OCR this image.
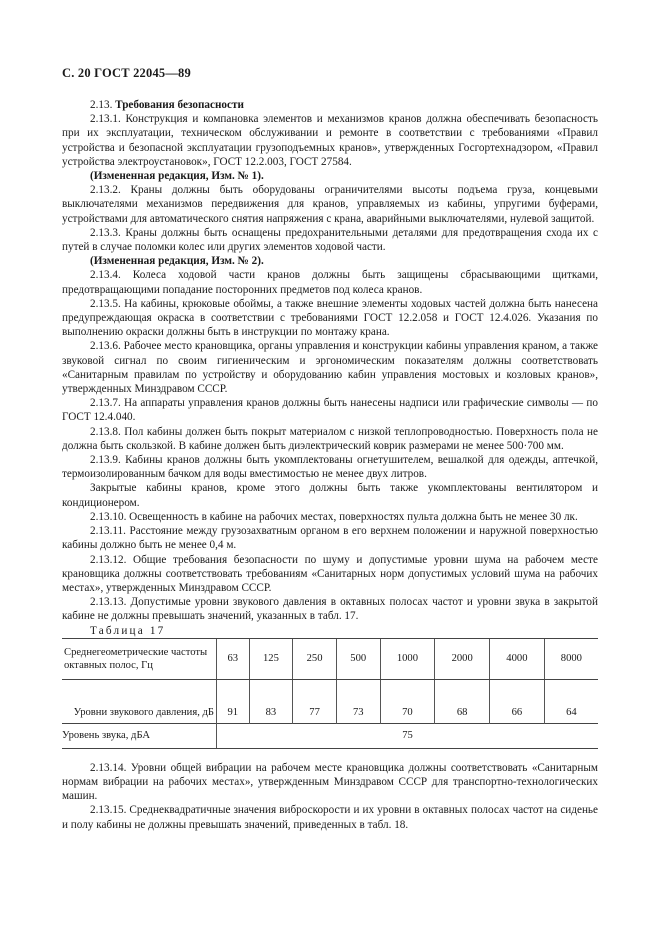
С. 20 ГОСТ 22045—89

2.13. Требования безопасности

2.13.1. Конструкция и компановка элементов и механизмов кранов должна обеспечивать безопасность при их эксплуатации, техническом обслуживании и ремонте в соответствии с требованиями «Правил устройства и безопасной эксплуатации грузоподъемных кранов», утвержденных Госгортехнадзором, «Правил устройства электроустановок», ГОСТ 12.2.003, ГОСТ 27584.

(Измененная редакция, Изм. № 1).

2.13.2. Краны должны быть оборудованы ограничителями высоты подъема груза, концевыми выключателями механизмов передвижения для кранов, управляемых из кабины, упругими буферами, устройствами для автоматического снятия напряжения с крана, аварийными выключателями, нулевой защитой.

2.13.3. Краны должны быть оснащены предохранительными деталями для предотвращения схода их с путей в случае поломки колес или других элементов ходовой части.

(Измененная редакция, Изм. № 2).

2.13.4. Колеса ходовой части кранов должны быть защищены сбрасывающими щитками, предотвращающими попадание посторонних предметов под колеса кранов.

2.13.5. На кабины, крюковые обоймы, а также внешние элементы ходовых частей должна быть нанесена предупреждающая окраска в соответствии с требованиями ГОСТ 12.2.058 и ГОСТ 12.4.026. Указания по выполнению окраски должны быть в инструкции по монтажу крана.

2.13.6. Рабочее место крановщика, органы управления и конструкции кабины управления краном, а также звуковой сигнал по своим гигиеническим и эргономическим показателям должны соответствовать «Санитарным правилам по устройству и оборудованию кабин управления мостовых и козловых кранов», утвержденных Минздравом СССР.

2.13.7. На аппараты управления кранов должны быть нанесены надписи или графические символы — по ГОСТ 12.4.040.

2.13.8. Пол кабины должен быть покрыт материалом с низкой теплопроводностью. Поверхность пола не должна быть скользкой. В кабине должен быть диэлектрический коврик размерами не менее 500·700 мм.

2.13.9. Кабины кранов должны быть укомплектованы огнетушителем, вешалкой для одежды, аптечкой, термоизолированным бачком для воды вместимостью не менее двух литров.

Закрытые кабины кранов, кроме этого должны быть также укомплектованы вентилятором и кондиционером.

2.13.10. Освещенность в кабине на рабочих местах, поверхностях пульта должна быть не менее 30 лк.

2.13.11. Расстояние между грузозахватным органом в его верхнем положении и наружной поверхностью кабины должно быть не менее 0,4 м.

2.13.12. Общие требования безопасности по шуму и допустимые уровни шума на рабочем месте крановщика должны соответствовать требованиям «Санитарных норм допустимых условий шума на рабочих местах», утвержденных Минздравом СССР.

2.13.13. Допустимые уровни звукового давления в октавных полосах частот и уровни звука в закрытой кабине не должны превышать значений, указанных в табл. 17.

Таблица 17

Среднегеометрические частоты октавных полос, Гц	63	125	250	500	1000	2000	4000	8000
Уровни звукового давления, дБ	91	83	77	73	70	68	66	64
Уровень звука, дБА	75							

2.13.14. Уровни общей вибрации на рабочем месте крановщика должны соответствовать «Санитарным нормам вибрации на рабочих местах», утвержденным Минздравом СССР для транспортно-технологических машин.

2.13.15. Среднеквадратичные значения виброскорости и их уровни в октавных полосах частот на сиденье и полу кабины не должны превышать значений, приведенных в табл. 18.
